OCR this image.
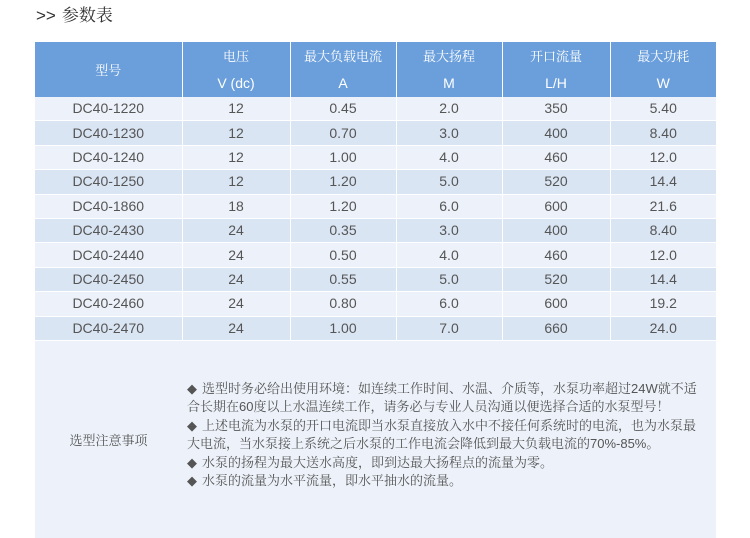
>> 参数表
型号	电压	最大负载电流	最大扬程	开口流量	最大功耗
	V (dc)	A	M	L/H	W
DC40-1220	12	0.45	2.0	350	5.40
DC40-1230	12	0.70	3.0	400	8.40
DC40-1240	12	1.00	4.0	460	12.0
DC40-1250	12	1.20	5.0	520	14.4
DC40-1860	18	1.20	6.0	600	21.6
DC40-2430	24	0.35	3.0	400	8.40
DC40-2440	24	0.50	4.0	460	12.0
DC40-2450	24	0.55	5.0	520	14.4
DC40-2460	24	0.80	6.0	600	19.2
DC40-2470	24	1.00	7.0	660	24.0
选型注意事项	◆ 选型时务必给出使用环境：如连续工作时间、水温、介质等，水泵功率超过24W就不适合长期在60度以上水温连续工作，请务必与专业人员沟通以便选择合适的水泵型号！
◆ 上述电流为水泵的开口电流即当水泵直接放入水中不接任何系统时的电流，也为水泵最大电流，当水泵接上系统之后水泵的工作电流会降低到最大负载电流的70%-85%。
◆ 水泵的扬程为最大送水高度，即到达最大扬程点的流量为零。
◆ 水泵的流量为水平流量，即水平抽水的流量。				
